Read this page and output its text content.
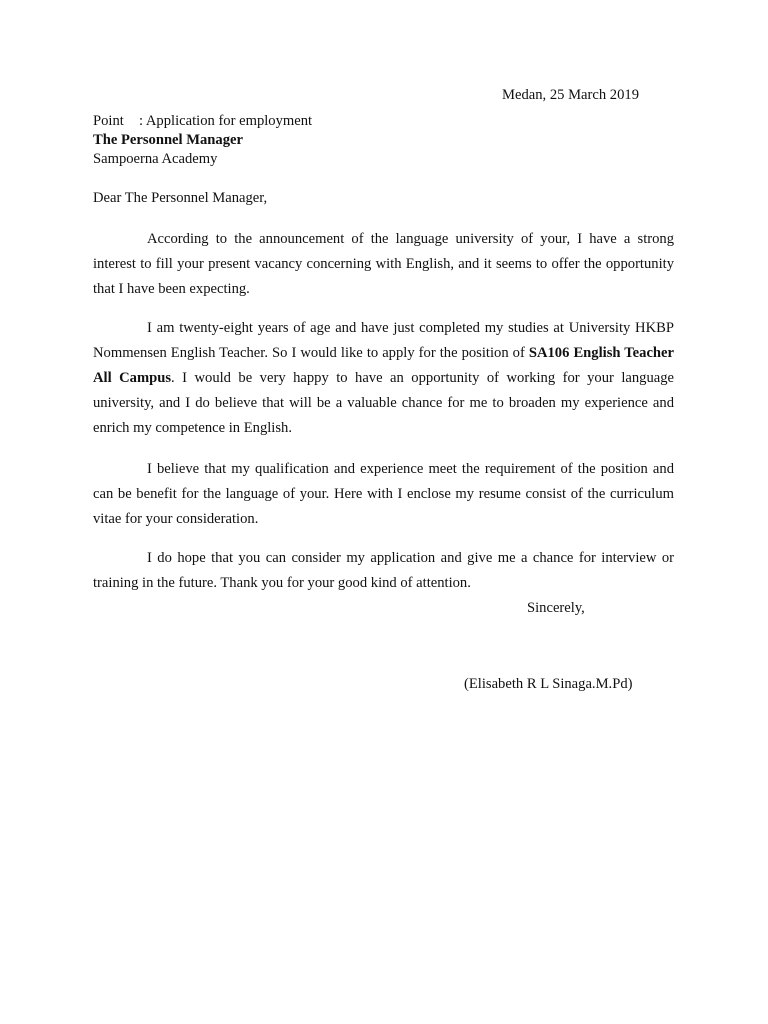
Medan, 25 March 2019
Point : Application for employment
The Personnel Manager
Sampoerna Academy
Dear The Personnel Manager,

According to the announcement of the language university of your, I have a strong interest to fill your present vacancy concerning with English, and it seems to offer the opportunity that I have been expecting.

I am twenty-eight years of age and have just completed my studies at University HKBP Nommensen English Teacher. So I would like to apply for the position of SA106 English Teacher All Campus. I would be very happy to have an opportunity of working for your language university, and I do believe that will be a valuable chance for me to broaden my experience and enrich my competence in English.

I believe that my qualification and experience meet the requirement of the position and can be benefit for the language of your. Here with I enclose my resume consist of the curriculum vitae for your consideration.

I do hope that you can consider my application and give me a chance for interview or training in the future. Thank you for your good kind of attention.

Sincerely,
(Elisabeth R L Sinaga.M.Pd)
